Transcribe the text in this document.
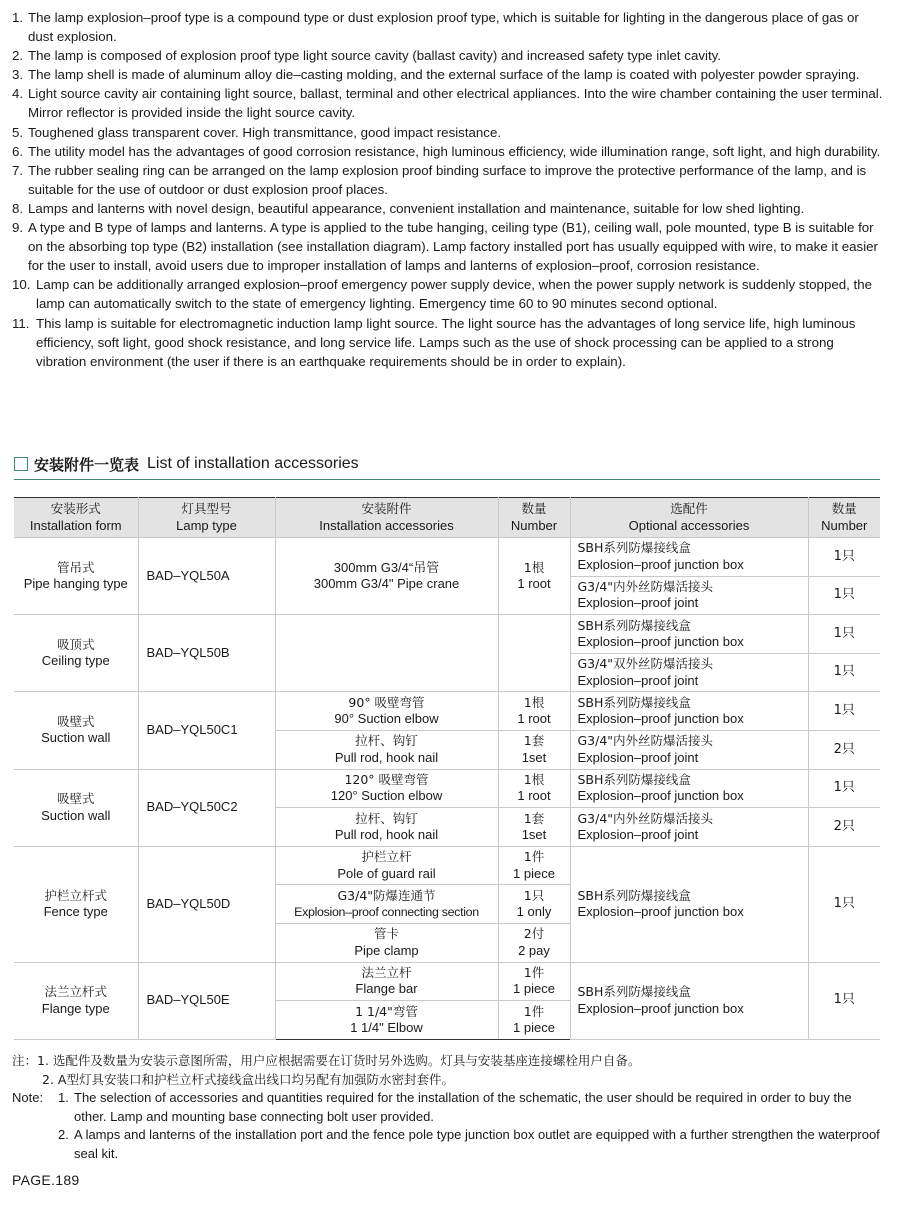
1. The lamp explosion–proof type is a compound type or dust explosion proof type, which is suitable for lighting in the dangerous place of gas or dust explosion.
2. The lamp is composed of explosion proof type light source cavity (ballast cavity) and increased safety type inlet cavity.
3. The lamp shell is made of aluminum alloy die–casting molding, and the external surface of the lamp is coated with polyester powder spraying.
4. Light source cavity air containing light source, ballast, terminal and other electrical appliances. Into the wire chamber containing the user terminal. Mirror reflector is provided inside the light source cavity.
5. Toughened glass transparent cover. High transmittance, good impact resistance.
6. The utility model has the advantages of good corrosion resistance, high luminous efficiency, wide illumination range, soft light, and high durability.
7. The rubber sealing ring can be arranged on the lamp explosion proof binding surface to improve the protective performance of the lamp, and is suitable for the use of outdoor or dust explosion proof places.
8. Lamps and lanterns with novel design, beautiful appearance, convenient installation and maintenance, suitable for low shed lighting.
9. A type and B type of lamps and lanterns. A type is applied to the tube hanging, ceiling type (B1), ceiling wall, pole mounted, type B is suitable for on the absorbing top type (B2) installation (see installation diagram). Lamp factory installed port has usually equipped with wire, to make it easier for the user to install, avoid users due to improper installation of lamps and lanterns of explosion–proof, corrosion resistance.
10. Lamp can be additionally arranged explosion–proof emergency power supply device, when the power supply network is suddenly stopped, the lamp can automatically switch to the state of emergency lighting. Emergency time 60 to 90 minutes second optional.
11. This lamp is suitable for electromagnetic induction lamp light source. The light source has the advantages of long service life, high luminous efficiency, soft light, good shock resistance, and long service life. Lamps such as the use of shock processing can be applied to a strong vibration environment (the user if there is an earthquake requirements should be in order to explain).
安装附件一览表 List of installation accessories
安装形式
Installation form	灯具型号
Lamp type	安装附件
Installation accessories	数量
Number	选配件
Optional accessories	数量
Number

管吊式
Pipe hanging type	BAD–YQL50A	300mm G3/4“吊管
300mm G3/4" Pipe crane	1根
1 root	SBH系列防爆接线盒
Explosion–proof junction box	1只

				G3/4"内外丝防爆活接头
Explosion–proof joint	1只

吸顶式
Ceiling type	BAD–YQL50B			SBH系列防爆接线盒
Explosion–proof junction box	1只

				G3/4"双外丝防爆活接头
Explosion–proof joint	1只

吸壁式
Suction wall	BAD–YQL50C1	90° 吸壁弯管
90° Suction elbow	1根
1 root	SBH系列防爆接线盒
Explosion–proof junction box	1只

		拉杆、钩钉
Pull rod, hook nail	1套
1set	G3/4"内外丝防爆活接头
Explosion–proof joint	2只

吸壁式
Suction wall	BAD–YQL50C2	120° 吸壁弯管
120° Suction elbow	1根
1 root	SBH系列防爆接线盒
Explosion–proof junction box	1只

		拉杆、钩钉
Pull rod, hook nail	1套
1set	G3/4"内外丝防爆活接头
Explosion–proof joint	2只

护栏立杆式
Fence type	BAD–YQL50D	护栏立杆
Pole of guard rail	1件
1 piece	SBH系列防爆接线盒
Explosion–proof junction box	1只

		G3/4"防爆连通节
Explosion–proof connecting section	1只
1 only		

		管卡
Pipe clamp	2付
2 pay		

法兰立杆式
Flange type	BAD–YQL50E	法兰立杆
Flange bar	1件
1 piece	SBH系列防爆接线盒
Explosion–proof junction box	1只

		1 1/4"弯管
1 1/4" Elbow	1件
1 piece		
注：1. 选配件及数量为安装示意图所需，用户应根据需要在订货时另外选购。灯具与安装基座连接螺栓用户自备。
2. A型灯具安装口和护栏立杆式接线盒出线口均另配有加强防水密封套件。
Note:	1. The selection of accessories and quantities required for the installation of the schematic, the user should be required in order to buy the other. Lamp and mounting base connecting bolt user provided.
2. A lamps and lanterns of the installation port and the fence pole type junction box outlet are equipped with a further strengthen the waterproof seal kit.
PAGE.189
